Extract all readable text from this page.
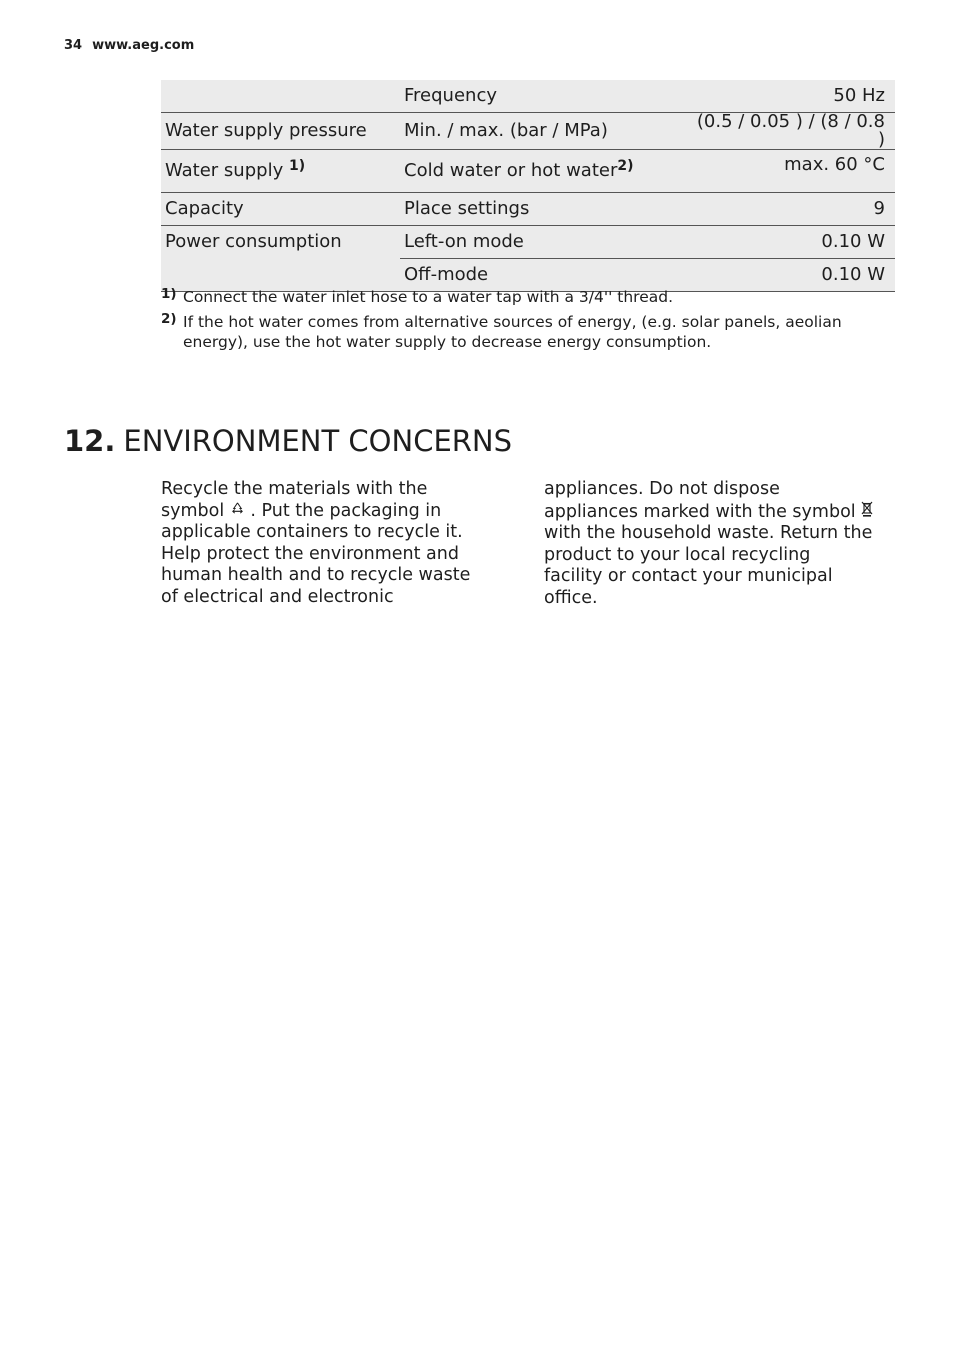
34 www.aeg.com
	Frequency	50 Hz
Water supply pressure	Min. / max. (bar / MPa)	(0.5 / 0.05 ) / (8 / 0.8 )
Water supply $^{1)}$	Cold water or hot water$^{2)}$	max. 60 °C
Capacity	Place settings	9
Power consumption	Left-on mode	0.10 W
	Off-mode	0.10 W
1) Connect the water inlet hose to a water tap with a 3/4'' thread.
2) If the hot water comes from alternative sources of energy, (e.g. solar panels, aeolian energy), use the hot water supply to decrease energy consumption.
12. ENVIRONMENT CONCERNS
Recycle the materials with the symbol . Put the packaging in applicable containers to recycle it. Help protect the environment and human health and to recycle waste of electrical and electronic
appliances. Do not dispose appliances marked with the symbol  with the household waste. Return the product to your local recycling facility or contact your municipal office.
